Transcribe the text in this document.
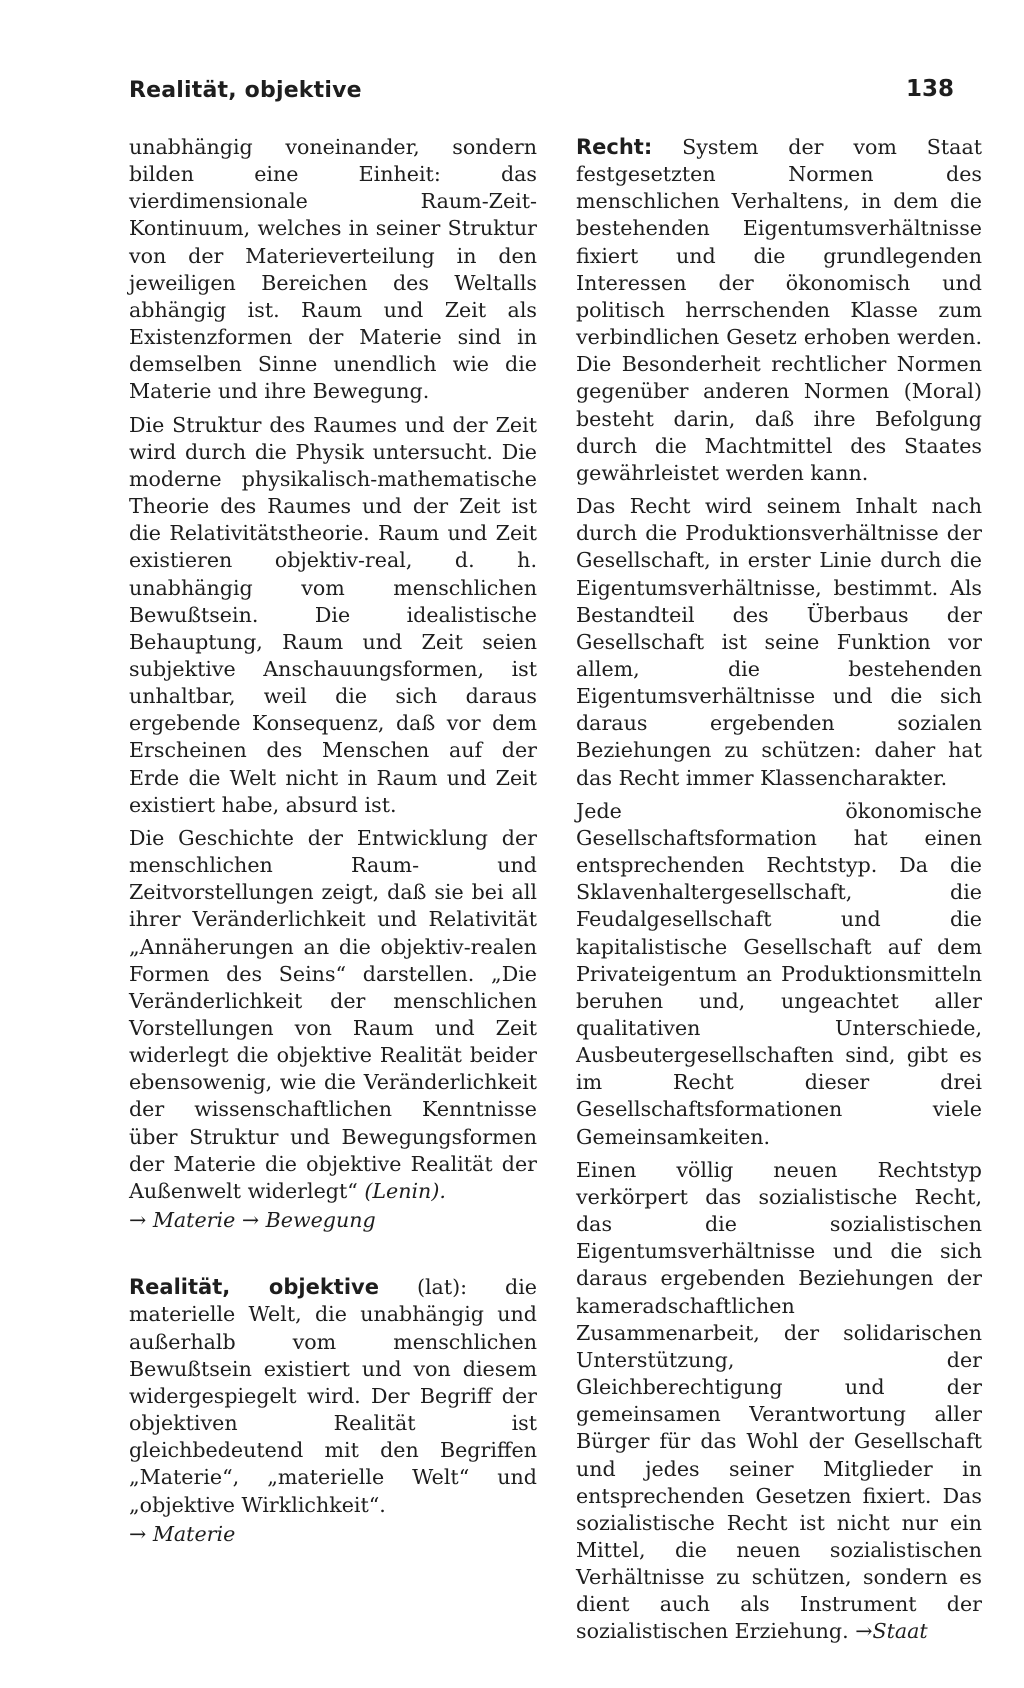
Realität, objektive	138

unabhängig voneinander, sondern bilden eine Einheit: das vierdimensionale Raum-Zeit-Kontinuum, welches in seiner Struktur von der Materieverteilung in den jeweiligen Bereichen des Weltalls abhängig ist. Raum und Zeit als Existenzformen der Materie sind in demselben Sinne unendlich wie die Materie und ihre Bewegung.

Die Struktur des Raumes und der Zeit wird durch die Physik untersucht. Die moderne physikalisch-mathematische Theorie des Raumes und der Zeit ist die Relativitätstheorie. Raum und Zeit existieren objektiv-real, d. h. unabhängig vom menschlichen Bewußtsein. Die idealistische Behauptung, Raum und Zeit seien subjektive Anschauungsformen, ist unhaltbar, weil die sich daraus ergebende Konsequenz, daß vor dem Erscheinen des Menschen auf der Erde die Welt nicht in Raum und Zeit existiert habe, absurd ist.

Die Geschichte der Entwicklung der menschlichen Raum- und Zeitvorstellungen zeigt, daß sie bei all ihrer Veränderlichkeit und Relativität „Annäherungen an die objektiv-realen Formen des Seins“ darstellen. „Die Veränderlichkeit der menschlichen Vorstellungen von Raum und Zeit widerlegt die objektive Realität beider ebensowenig, wie die Veränderlichkeit der wissenschaftlichen Kenntnisse über Struktur und Bewegungsformen der Materie die objektive Realität der Außenwelt widerlegt“ (Lenin).

→ Materie → Bewegung

Realität, objektive (lat): die materielle Welt, die unabhängig und außerhalb vom menschlichen Bewußtsein existiert und von diesem widergespiegelt wird. Der Begriff der objektiven Realität ist gleichbedeutend mit den Begriffen „Materie“, „materielle Welt“ und „objektive Wirklichkeit“.

→ Materie

Recht: System der vom Staat festgesetzten Normen des menschlichen Verhaltens, in dem die bestehenden Eigentumsverhältnisse fixiert und die grundlegenden Interessen der ökonomisch und politisch herrschenden Klasse zum verbindlichen Gesetz erhoben werden. Die Besonderheit rechtlicher Normen gegenüber anderen Normen (Moral) besteht darin, daß ihre Befolgung durch die Machtmittel des Staates gewährleistet werden kann.

Das Recht wird seinem Inhalt nach durch die Produktionsverhältnisse der Gesellschaft, in erster Linie durch die Eigentumsverhältnisse, bestimmt. Als Bestandteil des Überbaus der Gesellschaft ist seine Funktion vor allem, die bestehenden Eigentumsverhältnisse und die sich daraus ergebenden sozialen Beziehungen zu schützen: daher hat das Recht immer Klassencharakter.

Jede ökonomische Gesellschaftsformation hat einen entsprechenden Rechtstyp. Da die Sklavenhaltergesellschaft, die Feudalgesellschaft und die kapitalistische Gesellschaft auf dem Privateigentum an Produktionsmitteln beruhen und, ungeachtet aller qualitativen Unterschiede, Ausbeutergesellschaften sind, gibt es im Recht dieser drei Gesellschaftsformationen viele Gemeinsamkeiten.

Einen völlig neuen Rechtstyp verkörpert das sozialistische Recht, das die sozialistischen Eigentumsverhältnisse und die sich daraus ergebenden Beziehungen der kameradschaftlichen Zusammenarbeit, der solidarischen Unterstützung, der Gleichberechtigung und der gemeinsamen Verantwortung aller Bürger für das Wohl der Gesellschaft und jedes seiner Mitglieder in entsprechenden Gesetzen fixiert. Das sozialistische Recht ist nicht nur ein Mittel, die neuen sozialistischen Verhältnisse zu schützen, sondern es dient auch als Instrument der sozialistischen Erziehung. →Staat
